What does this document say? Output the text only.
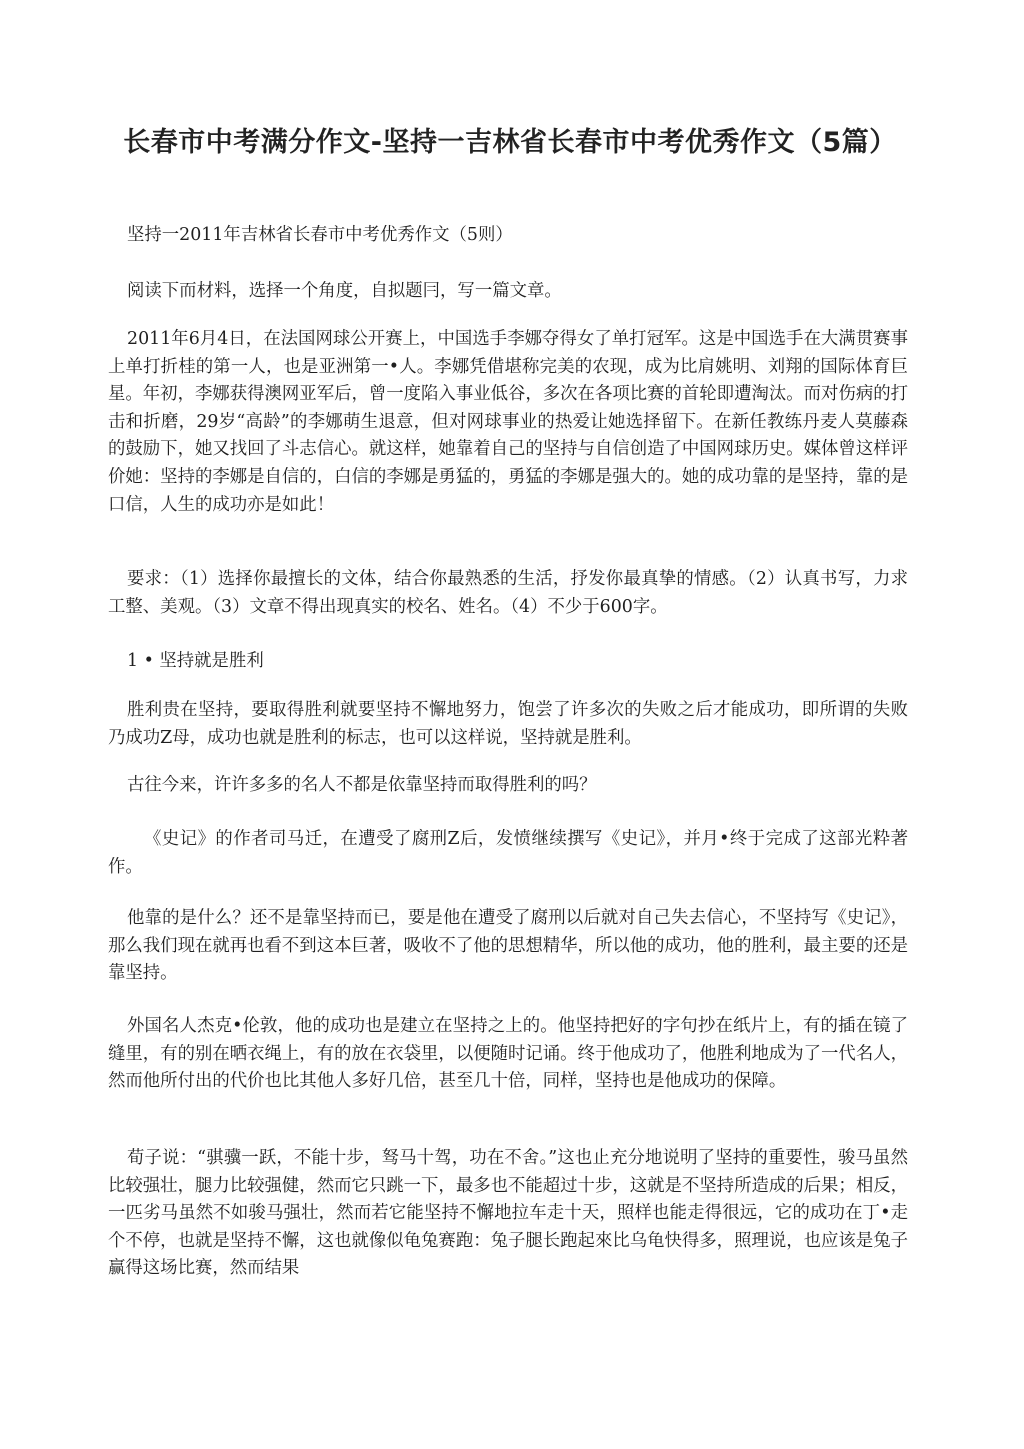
长春市中考满分作文-坚持一吉林省长春市中考优秀作文（5篇）

坚持一2011年吉林省长春市中考优秀作文（5则）

阅读下而材料，选择一个角度，自拟题冃，写一篇文章。

2011年6月4日，在法国网球公开赛上，中国选手李娜夺得女了单打冠军。这是中国选手在大满贯赛事上单打折桂的第一人，也是亚洲第一•人。李娜凭借堪称完美的农现，成为比肩姚明、刘翔的国际体育巨星。年初，李娜获得澳网亚军后，曾一度陷入事业低谷，多次在各项比赛的首轮即遭淘汰。而对伤病的打击和折磨，29岁“高龄”的李娜萌生退意，但对网球事业的热爱让她选择留下。在新任教练丹麦人莫藤森的鼓励下，她又找回了斗志信心。就这样，她靠着自己的坚持与自信创造了中国网球历史。媒体曾这样评价她：坚持的李娜是自信的，白信的李娜是勇猛的，勇猛的李娜是强大的。她的成功靠的是坚持，靠的是口信，人生的成功亦是如此！

要求：（1）选择你最擅长的文体，结合你最熟悉的生活，抒发你最真挚的情感。（2）认真书写，力求工整、美观。（3）文章不得出现真实的校名、姓名。（4）不少于600字。

1 • 坚持就是胜利

胜利贵在坚持，要取得胜利就要坚持不懈地努力，饱尝了许多次的失败之后才能成功，即所谓的失败乃成功Z母，成功也就是胜利的标志，也可以这样说，坚持就是胜利。

古往今来，许许多多的名人不都是依靠坚持而取得胜利的吗？

《史记》的作者司马迁，在遭受了腐刑Z后，发愤继续撰写《史记》，并月•终于完成了这部光粋著作。

他靠的是什么？还不是靠坚持而已，要是他在遭受了腐刑以后就对自己失去信心，不坚持写《史记》，那么我们现在就再也看不到这本巨著，吸收不了他的思想精华，所以他的成功，他的胜利，最主要的还是靠坚持。

外国名人杰克•伦敦，他的成功也是建立在坚持之上的。他坚持把好的字句抄在纸片上，有的插在镜了缝里，有的别在晒衣绳上，有的放在衣袋里，以便随时记诵。终于他成功了，他胜利地成为了一代名人，然而他所付出的代价也比其他人多好几倍，甚至几十倍，同样，坚持也是他成功的保障。

荀子说：“骐骥一跃，不能十步，驽马十驾，功在不舍。”这也止充分地说明了坚持的重要性，骏马虽然比较强壮，腿力比较强健，然而它只跳一下，最多也不能超过十步，这就是不坚持所造成的后果；相反，一匹劣马虽然不如骏马强壮，然而若它能坚持不懈地拉车走十天，照样也能走得很远，它的成功在丁•走个不停，也就是坚持不懈，这也就像似龟兔赛跑：兔子腿长跑起來比乌龟快得多，照理说，也应该是兔子赢得这场比赛，然而结果
